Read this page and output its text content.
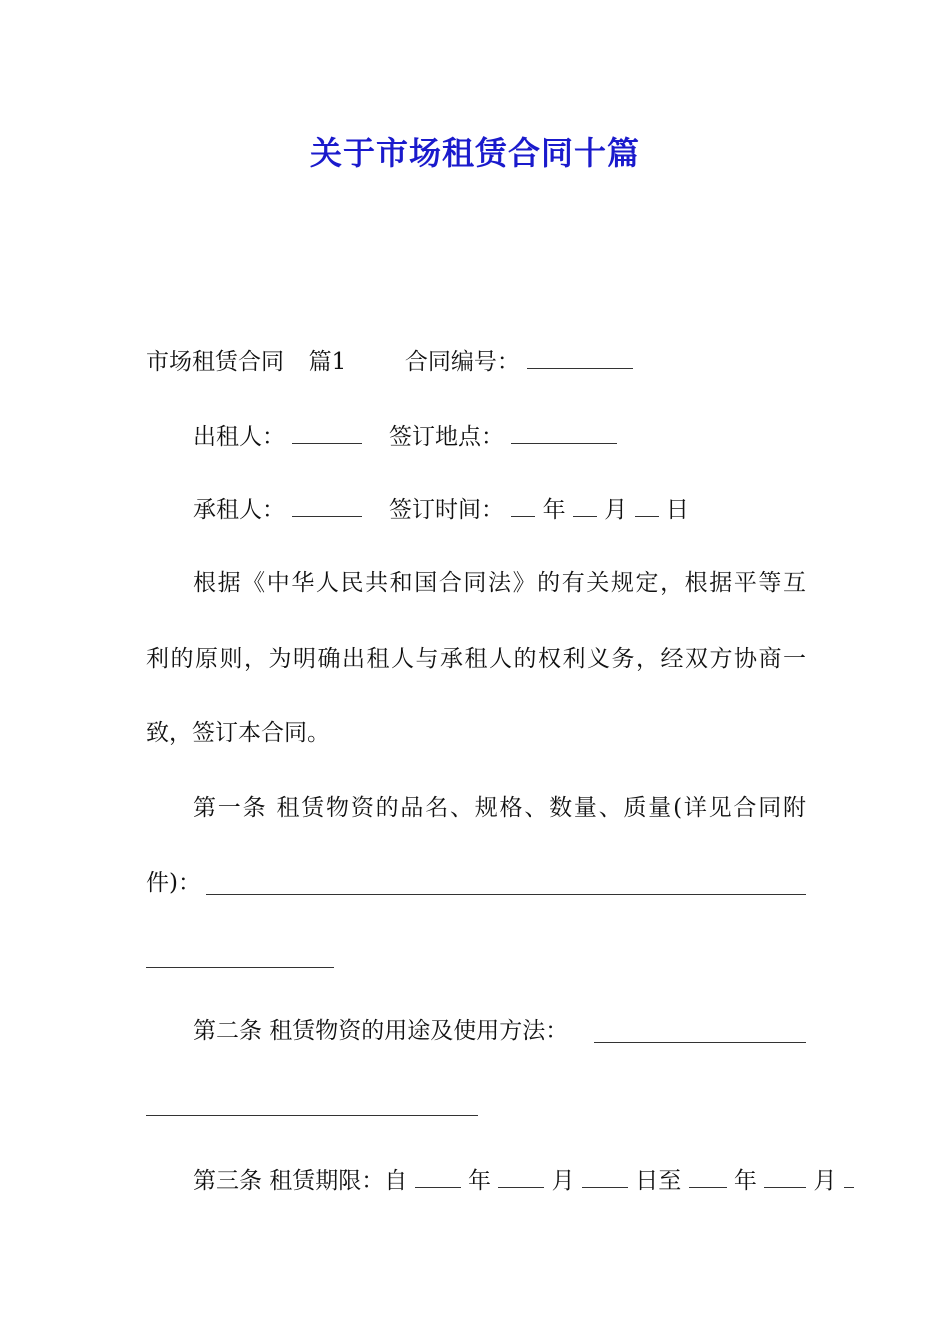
关于市场租赁合同十篇
市场租赁合同 篇1	合同编号：
出租人：	签订地点：
承租人：	签订时间： 年 月 日
根据《中华人民共和国合同法》的有关规定，根据平等互
利的原则，为明确出租人与承租人的权利义务，经双方协商一
致，签订本合同。
第一条 租赁物资的品名、规格、数量、质量(详见合同附
件)：
第二条 租赁物资的用途及使用方法：
第三条 租赁期限：自	年	月	日至 年 月
